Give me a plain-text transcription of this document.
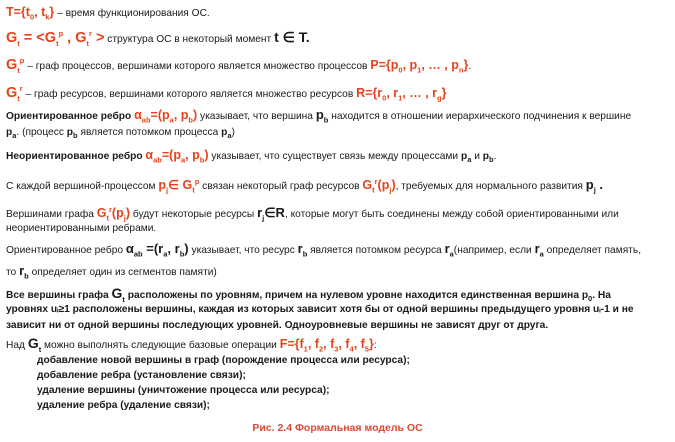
$T=\{t_0$, $t_k$} – время функционирования ОС.
$G_t = <G_t^p$ , $G_t^r$ > структура ОС в некоторый момент t ∈ T.
$G_t^p$ – граф процессов, вершинами которого является множество процессов $P=\{p_0$, $p_1$, … , $p_n$}.
$G_t^r$ – граф ресурсов, вершинами которого является множество ресурсов $R=\{r_0$, $r_1$, … , $r_g$}
Ориентированное ребро $\alpha_{ab}=(p_a$, $p_b$) указывает, что вершина $p_b$ находится в отношении иерархического подчинения к вершине
$p_a$. (процесс $p_b$ является потомком процесса $p_a$)
Неориентированное ребро $\alpha_{ab}=(p_a$, $p_b$) указывает, что существует связь между процессами $p_a$ и $p_b$.
С каждой вершиной-процессом $p_j\in$ $G_t^p$ связан некоторый граф ресурсов $G_t^r(p_j)$, требуемых для нормального развития $p_j$ .
Вершинами графа $G_t^r(p_j)$ будут некоторые ресурсы $r_j\in R$, которые могут быть соединены между собой ориентированными или
неориентированными ребрами.
Ориентированное ребро $\alpha_{ab} =(r_a$, $r_b$) указывает, что ресурс $r_b$ является потомком ресурса $r_a(например$, если $r_a$ определяет память,
то $r_b$ определяет один из сегментов памяти)
Все вершины графа $G_t$ расположены по уровням, причем на нулевом уровне находится единственная вершина $р_0$. На
уровнях uᵢ≥1 расположены вершины, каждая из которых зависит хотя бы от одной вершины предыдущего уровня uᵢ-1 и не
зависит ни от одной вершины последующих уровней. Одноуровневые вершины не зависят друг от друга.
Над $G_t$ можно выполнять следующие базовые операции $F=\{f_1$, $f_2$, $f_3$, $f_4$, $f_5$}:
добавление новой вершины в граф (порождение процесса или ресурса);
добавление ребра (установление связи);
удаление вершины (уничтожение процесса или ресурса);
удаление ребра (удаление связи);
Рис. 2.4 Формальная модель ОС
